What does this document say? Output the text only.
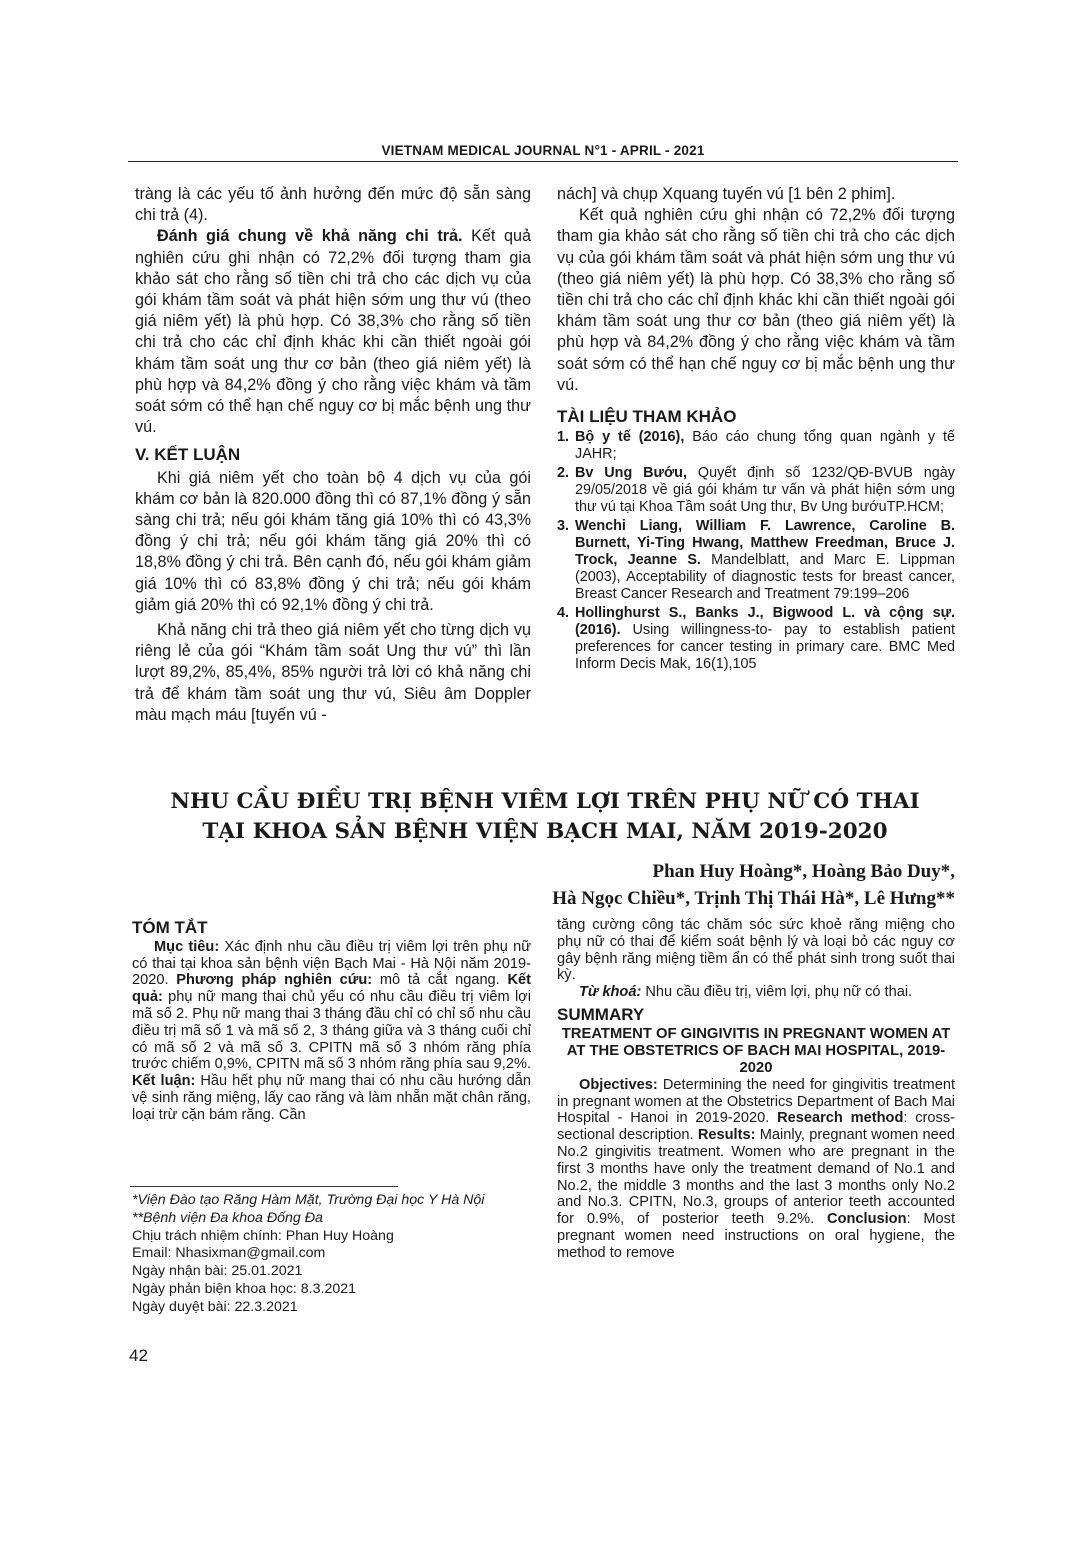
VIETNAM MEDICAL JOURNAL N°1 - APRIL - 2021

tràng là các yếu tố ảnh hưởng đến mức độ sẵn sàng chi trả (4).

Đánh giá chung về khả năng chi trả. Kết quả nghiên cứu ghi nhận có 72,2% đối tượng tham gia khảo sát cho rằng số tiền chi trả cho các dịch vụ của gói khám tầm soát và phát hiện sớm ung thư vú (theo giá niêm yết) là phù hợp. Có 38,3% cho rằng số tiền chi trả cho các chỉ định khác khi cần thiết ngoài gói khám tầm soát ung thư cơ bản (theo giá niêm yết) là phù hợp và 84,2% đồng ý cho rằng việc khám và tầm soát sớm có thể hạn chế nguy cơ bị mắc bệnh ung thư vú.

V. KẾT LUẬN

Khi giá niêm yết cho toàn bộ 4 dịch vụ của gói khám cơ bản là 820.000 đồng thì có 87,1% đồng ý sẵn sàng chi trả; nếu gói khám tăng giá 10% thì có 43,3% đồng ý chi trả; nếu gói khám tăng giá 20% thì có 18,8% đồng ý chi trả. Bên cạnh đó, nếu gói khám giảm giá 10% thì có 83,8% đồng ý chi trả; nếu gói khám giảm giá 20% thì có 92,1% đồng ý chi trả.

Khả năng chi trả theo giá niêm yết cho từng dịch vụ riêng lẻ của gói “Khám tầm soát Ung thư vú” thì lần lượt 89,2%, 85,4%, 85% người trả lời có khả năng chi trả để khám tầm soát ung thư vú, Siêu âm Doppler màu mạch máu [tuyến vú -

nách] và chụp Xquang tuyến vú [1 bên 2 phim].

Kết quả nghiên cứu ghi nhận có 72,2% đối tượng tham gia khảo sát cho rằng số tiền chi trả cho các dịch vụ của gói khám tầm soát và phát hiện sớm ung thư vú (theo giá niêm yết) là phù hợp. Có 38,3% cho rằng số tiền chi trả cho các chỉ định khác khi cần thiết ngoài gói khám tầm soát ung thư cơ bản (theo giá niêm yết) là phù hợp và 84,2% đồng ý cho rằng việc khám và tầm soát sớm có thể hạn chế nguy cơ bị mắc bệnh ung thư vú.

TÀI LIỆU THAM KHẢO
1. Bộ y tế (2016), Báo cáo chung tổng quan ngành y tế JAHR;
2. Bv Ung Bướu, Quyết định số 1232/QĐ-BVUB ngày 29/05/2018 về giá gói khám tư vấn và phát hiện sớm ung thư vú tại Khoa Tầm soát Ung thư, Bv Ung bướuTP.HCM;
3. Wenchi Liang, William F. Lawrence, Caroline B. Burnett, Yi-Ting Hwang, Matthew Freedman, Bruce J. Trock, Jeanne S. Mandelblatt, and Marc E. Lippman (2003), Acceptability of diagnostic tests for breast cancer, Breast Cancer Research and Treatment 79:199–206
4. Hollinghurst S., Banks J., Bigwood L. và cộng sự. (2016). Using willingness-to- pay to establish patient preferences for cancer testing in primary care. BMC Med Inform Decis Mak, 16(1),105
NHU CẦU ĐIỀU TRỊ BỆNH VIÊM LỢI TRÊN PHỤ NỮ CÓ THAI
TẠI KHOA SẢN BỆNH VIỆN BẠCH MAI, NĂM 2019-2020
Phan Huy Hoàng*, Hoàng Bảo Duy*,
Hà Ngọc Chiều*, Trịnh Thị Thái Hà*, Lê Hưng**
TÓM TẮT

Mục tiêu: Xác định nhu cầu điều trị viêm lợi trên phụ nữ có thai tại khoa sản bệnh viện Bạch Mai - Hà Nội năm 2019-2020. Phương pháp nghiên cứu: mô tả cắt ngang. Kết quả: phụ nữ mang thai chủ yếu có nhu cầu điều trị viêm lợi mã số 2. Phụ nữ mang thai 3 tháng đầu chỉ có chỉ số nhu cầu điều trị mã số 1 và mã số 2, 3 tháng giữa và 3 tháng cuối chỉ có mã số 2 và mã số 3. CPITN mã số 3 nhóm răng phía trước chiếm 0,9%, CPITN mã số 3 nhóm răng phía sau 9,2%. Kết luận: Hầu hết phụ nữ mang thai có nhu cầu hướng dẫn vệ sinh răng miệng, lấy cao răng và làm nhẵn mặt chân răng, loại trừ cặn bám răng. Cần

tăng cường công tác chăm sóc sức khoẻ răng miệng cho phụ nữ có thai để kiểm soát bệnh lý và loại bỏ các nguy cơ gây bệnh răng miệng tiềm ẩn có thể phát sinh trong suốt thai kỳ.

Từ khoá: Nhu cầu điều trị, viêm lợi, phụ nữ có thai.

SUMMARY
TREATMENT OF GINGIVITIS IN PREGNANT WOMEN AT AT THE OBSTETRICS OF BACH MAI HOSPITAL, 2019-2020

Objectives: Determining the need for gingivitis treatment in pregnant women at the Obstetrics Department of Bach Mai Hospital - Hanoi in 2019-2020. Research method: cross-sectional description. Results: Mainly, pregnant women need No.2 gingivitis treatment. Women who are pregnant in the first 3 months have only the treatment demand of No.1 and No.2, the middle 3 months and the last 3 months only No.2 and No.3. CPITN, No.3, groups of anterior teeth accounted for 0.9%, of posterior teeth 9.2%. Conclusion: Most pregnant women need instructions on oral hygiene, the method to remove

*Viện Đào tạo Răng Hàm Mặt, Trường Đại học Y Hà Nội
**Bệnh viện Đa khoa Đống Đa
Chịu trách nhiệm chính: Phan Huy Hoàng
Email: Nhasixman@gmail.com
Ngày nhận bài: 25.01.2021
Ngày phản biện khoa học: 8.3.2021
Ngày duyệt bài: 22.3.2021
42
